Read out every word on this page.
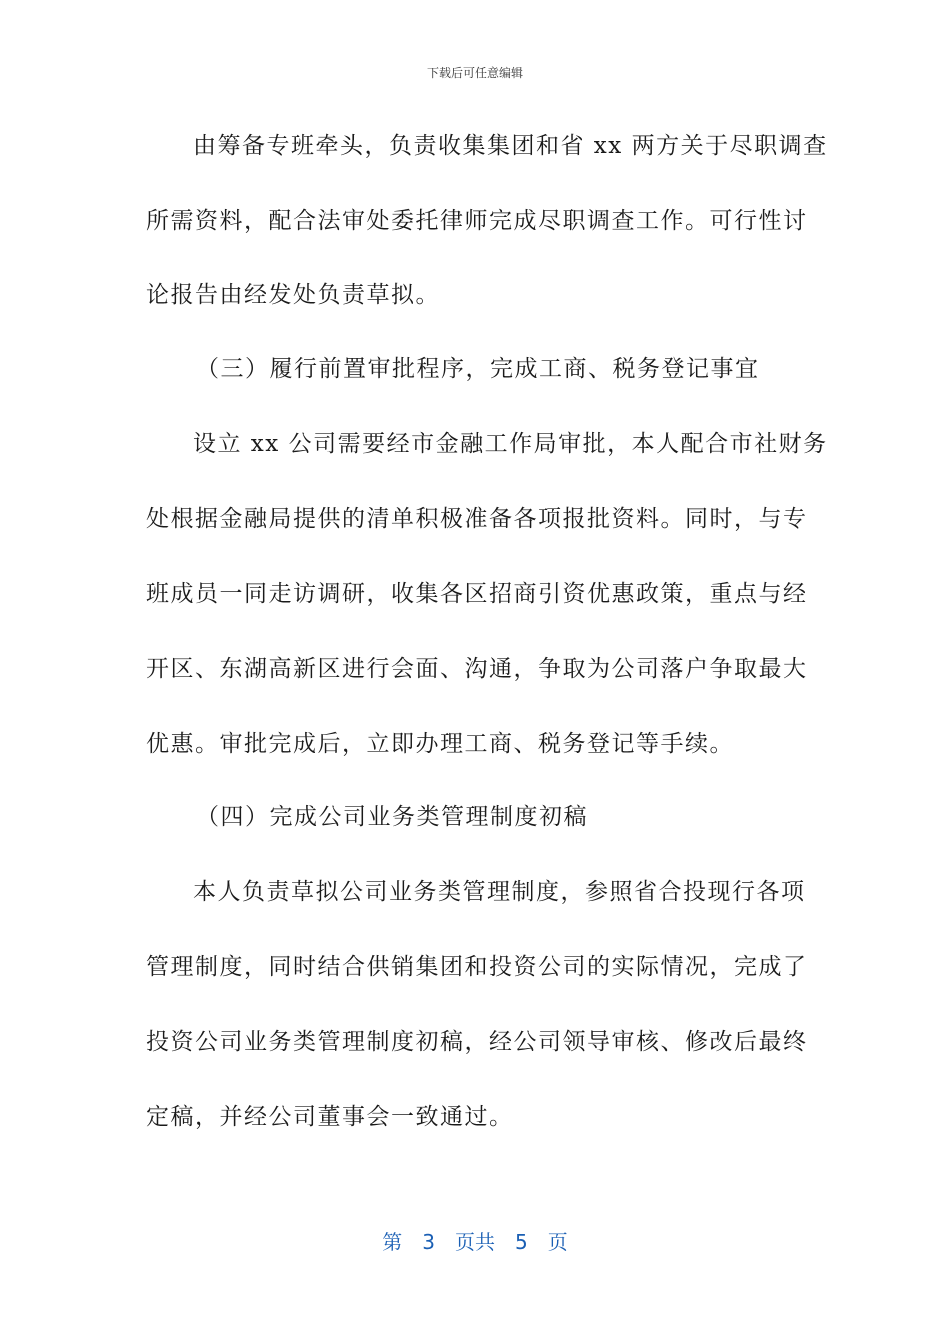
下载后可任意编辑
由筹备专班牵头，负责收集集团和省 xx 两方关于尽职调查
所需资料，配合法审处委托律师完成尽职调查工作。可行性讨
论报告由经发处负责草拟。
（三）履行前置审批程序，完成工商、税务登记事宜
设立 xx 公司需要经市金融工作局审批，本人配合市社财务
处根据金融局提供的清单积极准备各项报批资料。同时，与专
班成员一同走访调研，收集各区招商引资优惠政策，重点与经
开区、东湖高新区进行会面、沟通，争取为公司落户争取最大
优惠。审批完成后，立即办理工商、税务登记等手续。
（四）完成公司业务类管理制度初稿
本人负责草拟公司业务类管理制度，参照省合投现行各项
管理制度，同时结合供销集团和投资公司的实际情况，完成了
投资公司业务类管理制度初稿，经公司领导审核、修改后最终
定稿，并经公司董事会一致通过。
第 3 页共 5 页
